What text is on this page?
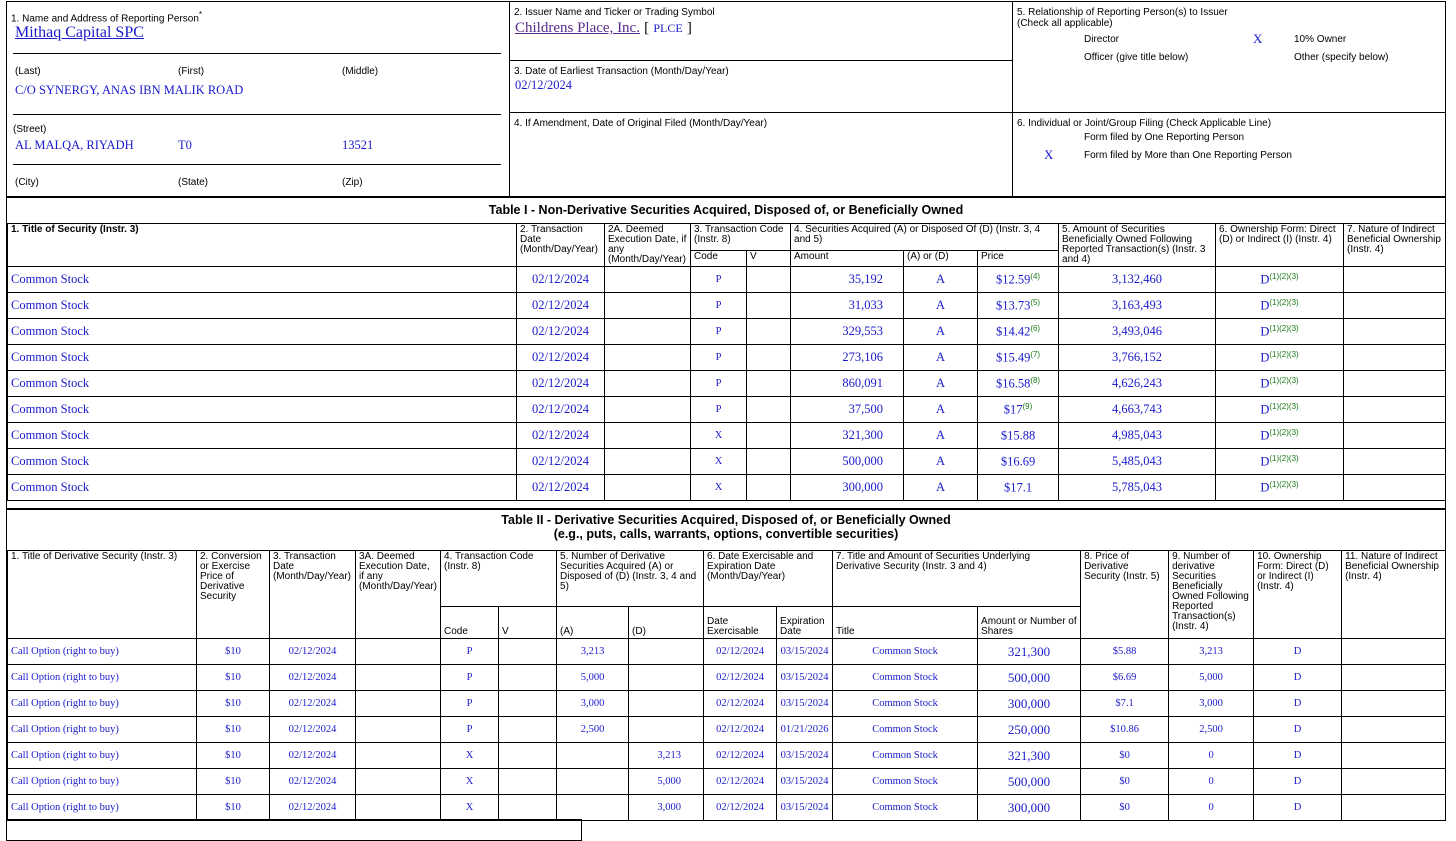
1. Name and Address of Reporting Person*
Mithaq Capital SPC
(Last)	(First)	(Middle)
C/O SYNERGY, ANAS IBN MALIK ROAD
(Street)
AL MALQA, RIYADH	T0	13521
(City)	(State)	(Zip)
2. Issuer Name and Ticker or Trading Symbol
Childrens Place, Inc. [ PLCE ]
3. Date of Earliest Transaction (Month/Day/Year)
02/12/2024
4. If Amendment, Date of Original Filed (Month/Day/Year)
5. Relationship of Reporting Person(s) to Issuer
(Check all applicable)
Director	X	10% Owner
Officer (give title below)	Other (specify below)
6. Individual or Joint/Group Filing (Check Applicable Line)
Form filed by One Reporting Person
X	Form filed by More than One Reporting Person
Table I - Non-Derivative Securities Acquired, Disposed of, or Beneficially Owned
1. Title of Security (Instr. 3)	2. Transaction Date (Month/Day/Year)	2A. Deemed Execution Date, if any (Month/Day/Year)	3. Transaction Code (Instr. 8)		4. Securities Acquired (A) or Disposed Of (D) (Instr. 3, 4 and 5)			5. Amount of Securities Beneficially Owned Following Reported Transaction(s) (Instr. 3 and 4)	6. Ownership Form: Direct (D) or Indirect (I) (Instr. 4)	7. Nature of Indirect Beneficial Ownership (Instr. 4)
			Code	V	Amount	(A) or (D)	Price			
Common Stock	02/12/2024		P		35,192	A	$12.59$^{(4)}$	3,132,460	D$^{(1)(2)(3)}$	
Common Stock	02/12/2024		P		31,033	A	$13.73$^{(5)}$	3,163,493	D$^{(1)(2)(3)}$	
Common Stock	02/12/2024		P		329,553	A	$14.42$^{(6)}$	3,493,046	D$^{(1)(2)(3)}$	
Common Stock	02/12/2024		P		273,106	A	$15.49$^{(7)}$	3,766,152	D$^{(1)(2)(3)}$	
Common Stock	02/12/2024		P		860,091	A	$16.58$^{(8)}$	4,626,243	D$^{(1)(2)(3)}$	
Common Stock	02/12/2024		P		37,500	A	$17$^{(9)}$	4,663,743	D$^{(1)(2)(3)}$	
Common Stock	02/12/2024		X		321,300	A	$15.88	4,985,043	D$^{(1)(2)(3)}$	
Common Stock	02/12/2024		X		500,000	A	$16.69	5,485,043	D$^{(1)(2)(3)}$	
Common Stock	02/12/2024		X		300,000	A	$17.1	5,785,043	D$^{(1)(2)(3)}$	
Table II - Derivative Securities Acquired, Disposed of, or Beneficially Owned
(e.g., puts, calls, warrants, options, convertible securities)
1. Title of Derivative Security (Instr. 3)	2. Conversion or Exercise Price of Derivative Security	3. Transaction Date (Month/Day/Year)	3A. Deemed Execution Date, if any (Month/Day/Year)	4. Transaction Code (Instr. 8)		5. Number of Derivative Securities Acquired (A) or Disposed of (D) (Instr. 3, 4 and 5)		6. Date Exercisable and Expiration Date (Month/Day/Year)		7. Title and Amount of Securities Underlying Derivative Security (Instr. 3 and 4)		8. Price of Derivative Security (Instr. 5)	9. Number of derivative Securities Beneficially Owned Following Reported Transaction(s) (Instr. 4)	10. Ownership Form: Direct (D) or Indirect (I) (Instr. 4)	11. Nature of Indirect Beneficial Ownership (Instr. 4)
				Code	V	(A)	(D)	Date Exercisable	Expiration Date	Title	Amount or Number of Shares				
Call Option (right to buy)	$10	02/12/2024		P		3,213		02/12/2024	03/15/2024	Common Stock	321,300	$5.88	3,213	D	
Call Option (right to buy)	$10	02/12/2024		P		5,000		02/12/2024	03/15/2024	Common Stock	500,000	$6.69	5,000	D	
Call Option (right to buy)	$10	02/12/2024		P		3,000		02/12/2024	03/15/2024	Common Stock	300,000	$7.1	3,000	D	
Call Option (right to buy)	$10	02/12/2024		P		2,500		02/12/2024	01/21/2026	Common Stock	250,000	$10.86	2,500	D	
Call Option (right to buy)	$10	02/12/2024		X			3,213	02/12/2024	03/15/2024	Common Stock	321,300	$0	0	D	
Call Option (right to buy)	$10	02/12/2024		X			5,000	02/12/2024	03/15/2024	Common Stock	500,000	$0	0	D	
Call Option (right to buy)	$10	02/12/2024		X			3,000	02/12/2024	03/15/2024	Common Stock	300,000	$0	0	D	
